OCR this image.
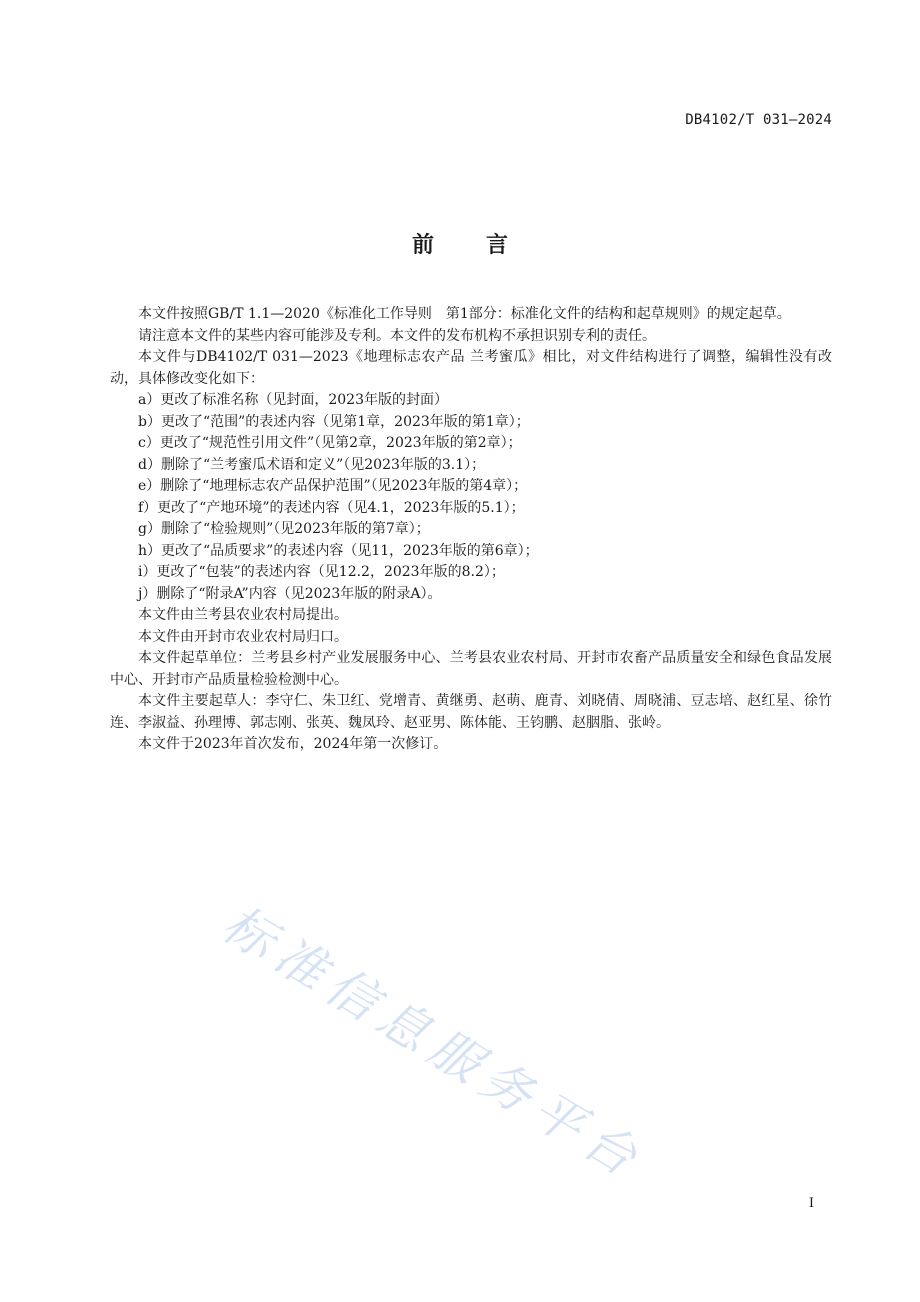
DB4102/T 031—2024
前 言

本文件按照GB/T 1.1—2020《标准化工作导则　第1部分：标准化文件的结构和起草规则》的规定起草。

请注意本文件的某些内容可能涉及专利。本文件的发布机构不承担识别专利的责任。

本文件与DB4102/T 031—2023《地理标志农产品 兰考蜜瓜》相比，对文件结构进行了调整，编辑性没有改动，具体修改变化如下：

a）更改了标准名称（见封面，2023年版的封面）

b）更改了“范围”的表述内容（见第1章，2023年版的第1章）；

c）更改了“规范性引用文件”（见第2章，2023年版的第2章）；

d）删除了“兰考蜜瓜术语和定义”（见2023年版的3.1）；

e）删除了“地理标志农产品保护范围”（见2023年版的第4章）；

f）更改了“产地环境”的表述内容（见4.1，2023年版的5.1）；

g）删除了“检验规则”（见2023年版的第7章）；

h）更改了“品质要求”的表述内容（见11，2023年版的第6章）；

i）更改了“包装”的表述内容（见12.2，2023年版的8.2）；

j）删除了“附录A”内容（见2023年版的附录A）。

本文件由兰考县农业农村局提出。

本文件由开封市农业农村局归口。

本文件起草单位：兰考县乡村产业发展服务中心、兰考县农业农村局、开封市农畜产品质量安全和绿色食品发展中心、开封市产品质量检验检测中心。

本文件主要起草人：李守仁、朱卫红、党增青、黄继勇、赵萌、鹿青、刘晓倩、周晓浦、豆志培、赵红星、徐竹连、李淑益、孙理博、郭志刚、张英、魏凤玲、赵亚男、陈体能、王钧鹏、赵胭脂、张岭。

本文件于2023年首次发布，2024年第一次修订。

I
标准信息服务平台
